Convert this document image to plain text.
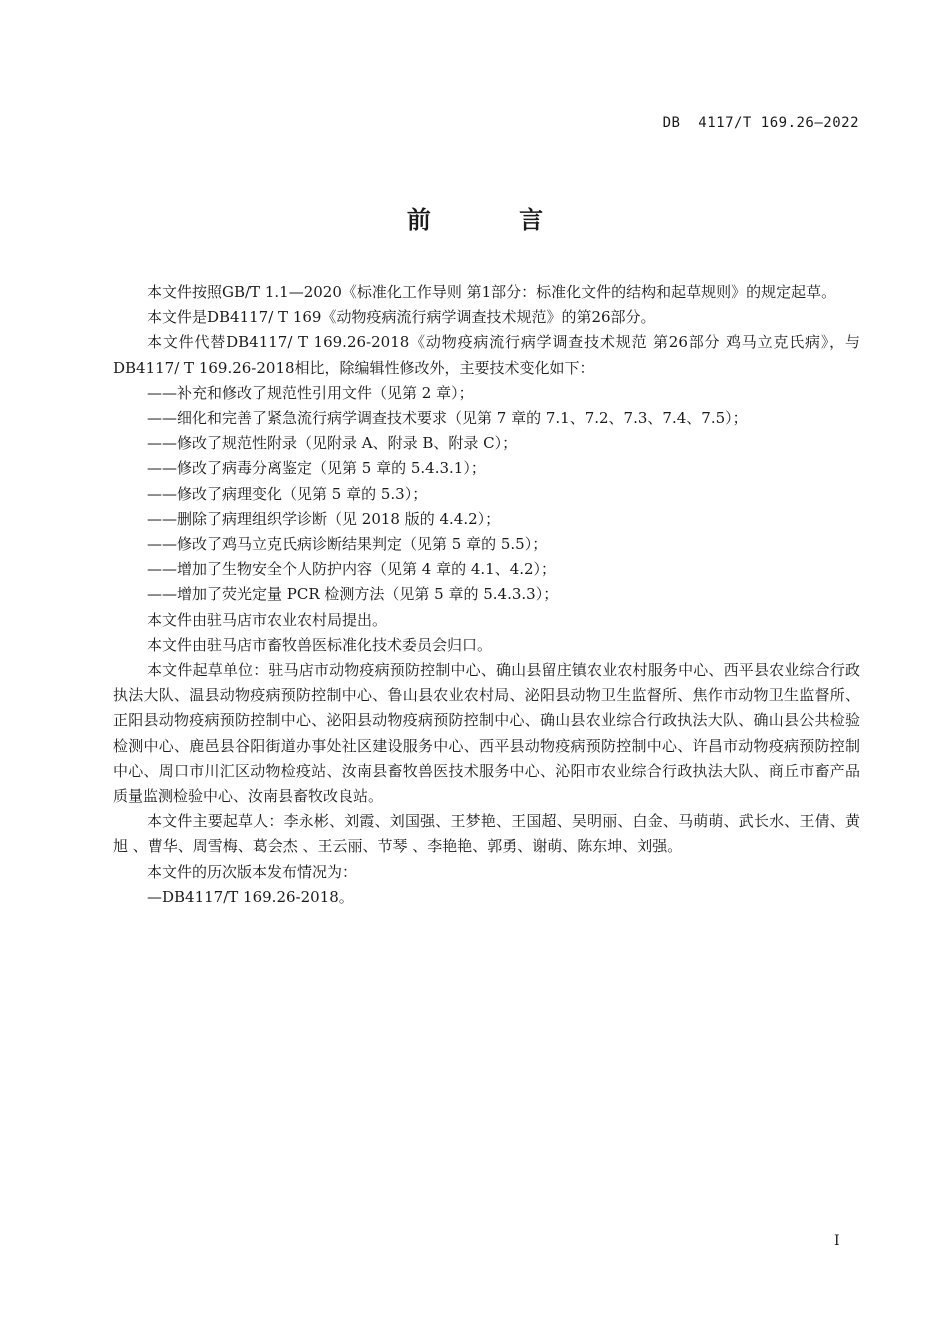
DB  4117/T 169.26—2022
前 言

本文件按照GB/T 1.1—2020《标准化工作导则 第1部分：标准化文件的结构和起草规则》的规定起草。

本文件是DB4117/ T 169《动物疫病流行病学调查技术规范》的第26部分。

本文件代替DB4117/ T 169.26-2018《动物疫病流行病学调查技术规范 第26部分 鸡马立克氏病》，与DB4117/ T 169.26-2018相比，除编辑性修改外，主要技术变化如下：

——补充和修改了规范性引用文件（见第 2 章）；

——细化和完善了紧急流行病学调查技术要求（见第 7 章的 7.1、7.2、7.3、7.4、7.5）；

——修改了规范性附录（见附录 A、附录 B、附录 C）；

——修改了病毒分离鉴定（见第 5 章的 5.4.3.1）；

——修改了病理变化（见第 5 章的 5.3）；

——删除了病理组织学诊断（见 2018 版的 4.4.2）；

——修改了鸡马立克氏病诊断结果判定（见第 5 章的 5.5）；

——增加了生物安全个人防护内容（见第 4 章的 4.1、4.2）；

——增加了荧光定量 PCR 检测方法（见第 5 章的 5.4.3.3）；

本文件由驻马店市农业农村局提出。

本文件由驻马店市畜牧兽医标准化技术委员会归口。

本文件起草单位：驻马店市动物疫病预防控制中心、确山县留庄镇农业农村服务中心、西平县农业综合行政执法大队、温县动物疫病预防控制中心、鲁山县农业农村局、泌阳县动物卫生监督所、焦作市动物卫生监督所、正阳县动物疫病预防控制中心、泌阳县动物疫病预防控制中心、确山县农业综合行政执法大队、确山县公共检验检测中心、鹿邑县谷阳街道办事处社区建设服务中心、西平县动物疫病预防控制中心、许昌市动物疫病预防控制中心、周口市川汇区动物检疫站、汝南县畜牧兽医技术服务中心、沁阳市农业综合行政执法大队、商丘市畜产品质量监测检验中心、汝南县畜牧改良站。

本文件主要起草人：李永彬、刘霞、刘国强、王梦艳、王国超、吴明丽、白金、马萌萌、武长水、王倩、黄旭 、曹华、周雪梅、葛会杰 、王云丽、节琴 、李艳艳、郭勇、谢萌、陈东坤、刘强。

本文件的历次版本发布情况为：

—DB4117/T 169.26-2018。

I
